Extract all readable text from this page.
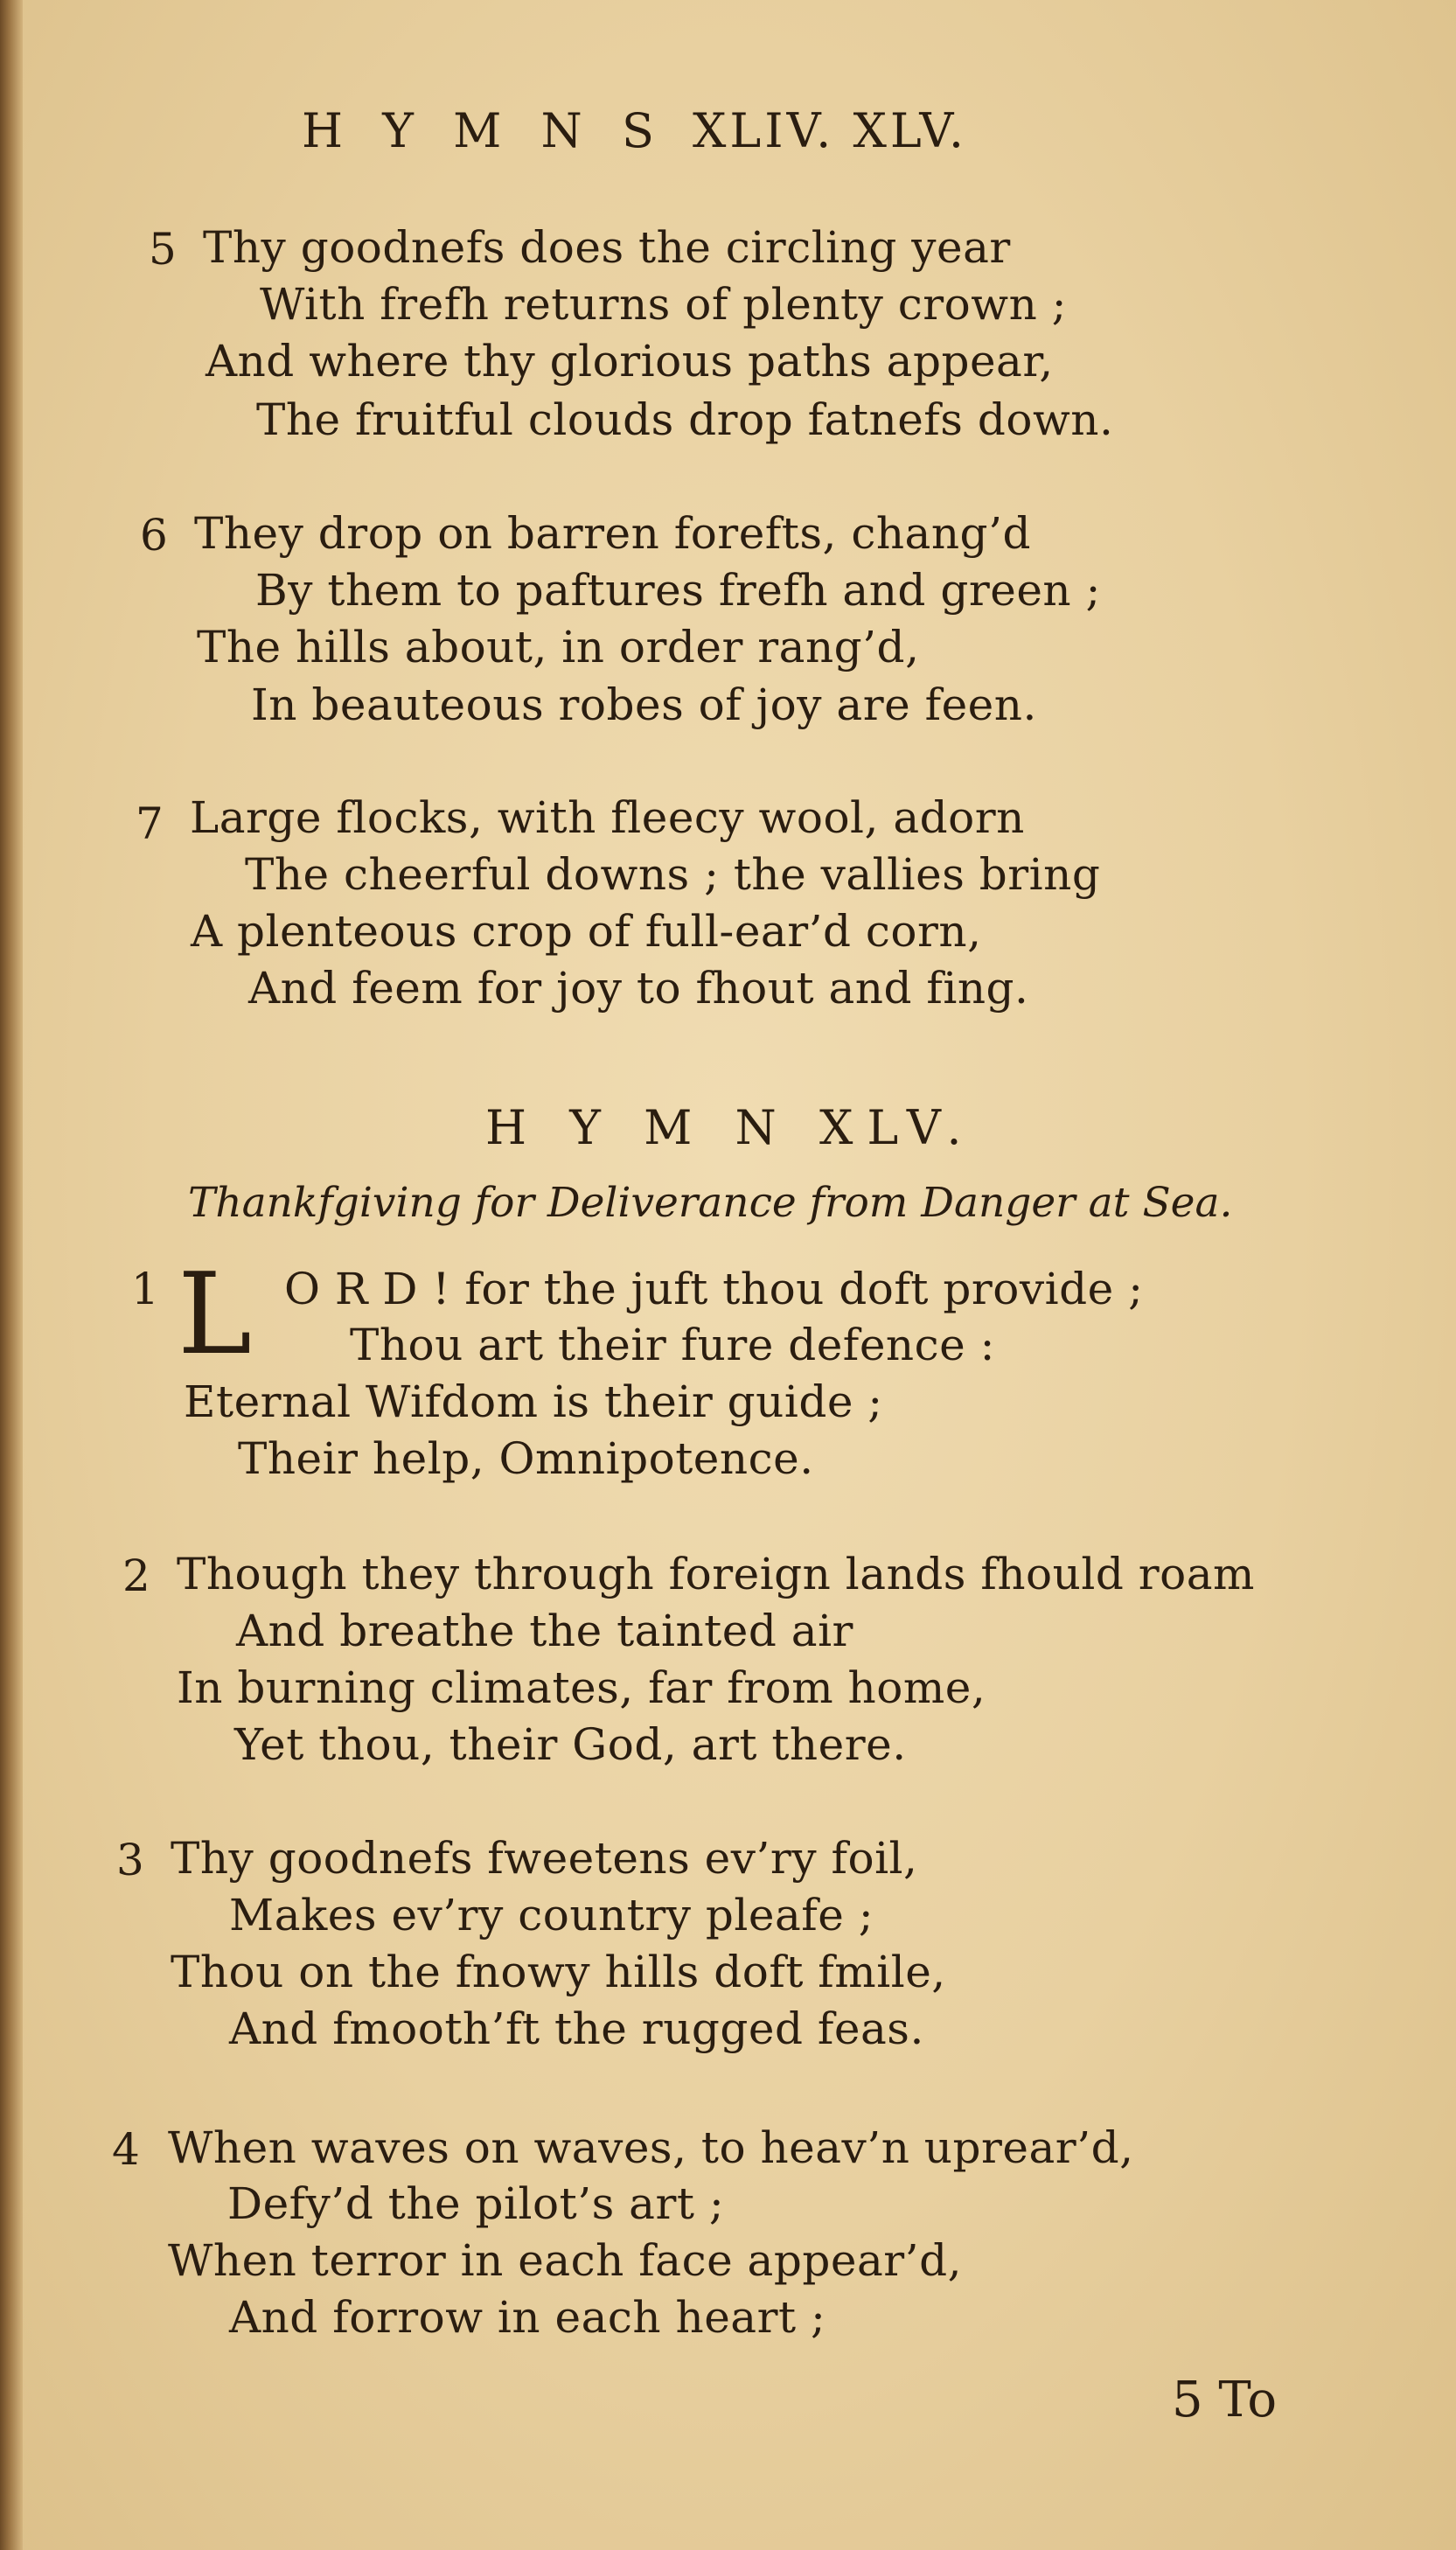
H Y M N S XLIV. XLV.
5 Thy goodnefs does the circling year
With frefh returns of plenty crown ;
And where thy glorious paths appear,
The fruitful clouds drop fatnefs down.
6 They drop on barren forefts, chang’d
By them to paftures frefh and green ;
The hills about, in order rang’d,
In beauteous robes of joy are feen.
7 Large flocks, with fleecy wool, adorn
The cheerful downs ; the vallies bring
A plenteous crop of full-ear’d corn,
And feem for joy to fhout and fing.
H Y M N XLV.
Thankfgiving for Deliverance from Danger at Sea.
1 L O R D ! for the juft thou doft provide ;
Thou art their fure defence :
Eternal Wifdom is their guide ;
Their help, Omnipotence.
2 Though they through foreign lands fhould roam
And breathe the tainted air
In burning climates, far from home,
Yet thou, their God, art there.
3 Thy goodnefs fweetens ev’ry foil,
Makes ev’ry country pleafe ;
Thou on the fnowy hills doft fmile,
And fmooth’ft the rugged feas.
4 When waves on waves, to heav’n uprear’d,
Defy’d the pilot’s art ;
When terror in each face appear’d,
And forrow in each heart ;
5 To
